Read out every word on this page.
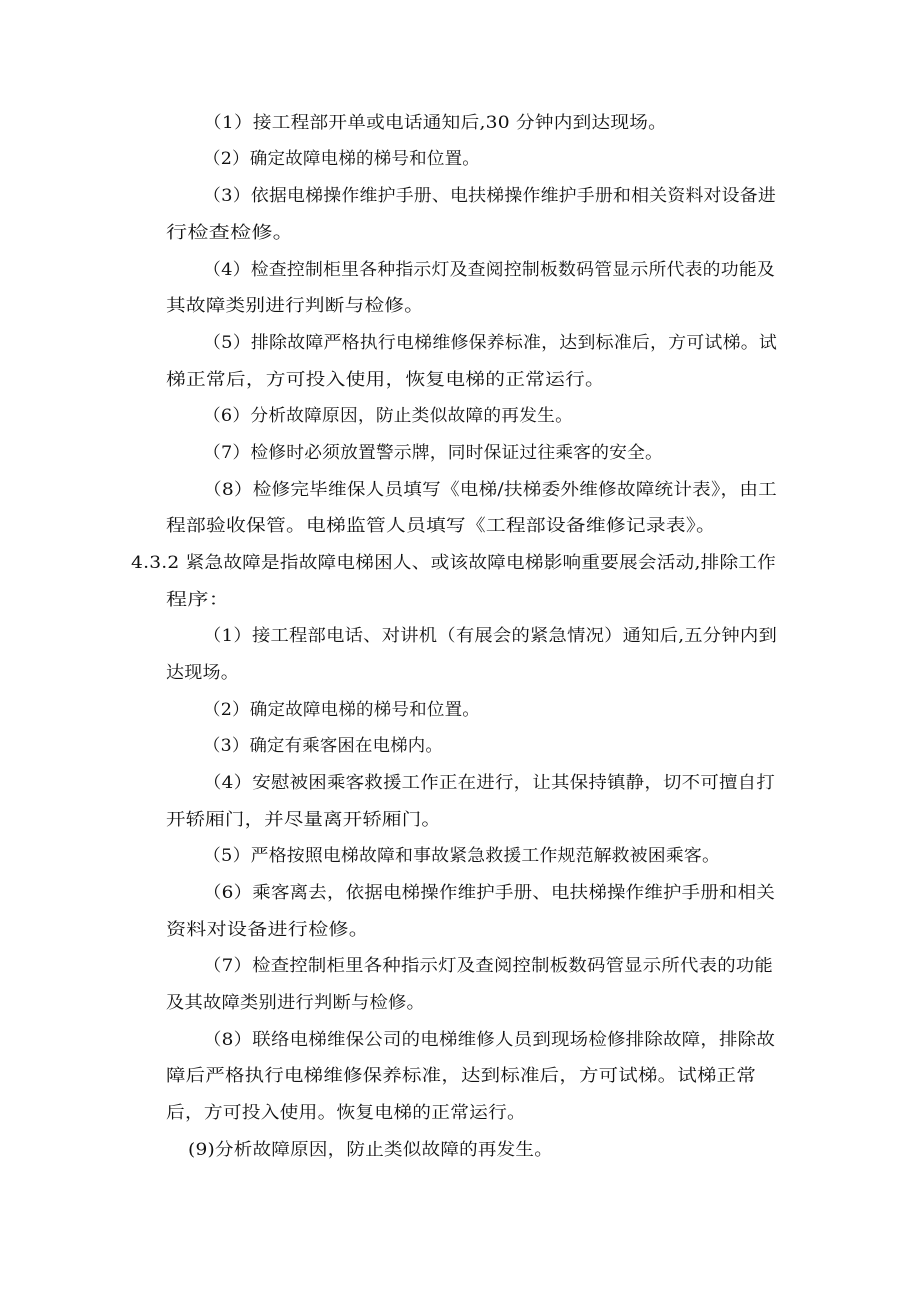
（1）接工程部开单或电话通知后,30 分钟内到达现场。
（2）确定故障电梯的梯号和位置。
（3）依据电梯操作维护手册、电扶梯操作维护手册和相关资料对设备进
行检查检修。
（4）检查控制柜里各种指示灯及查阅控制板数码管显示所代表的功能及
其故障类别进行判断与检修。
（5）排除故障严格执行电梯维修保养标准，达到标准后，方可试梯。试
梯正常后，方可投入使用，恢复电梯的正常运行。
（6）分析故障原因，防止类似故障的再发生。
（7）检修时必须放置警示牌，同时保证过往乘客的安全。
（8）检修完毕维保人员填写《电梯/扶梯委外维修故障统计表》，由工
程部验收保管。电梯监管人员填写《工程部设备维修记录表》。
4.3.2 紧急故障是指故障电梯困人、或该故障电梯影响重要展会活动,排除工作
程序：
（1）接工程部电话、对讲机（有展会的紧急情况）通知后,五分钟内到
达现场。
（2）确定故障电梯的梯号和位置。
（3）确定有乘客困在电梯内。
（4）安慰被困乘客救援工作正在进行，让其保持镇静，切不可擅自打
开轿厢门，并尽量离开轿厢门。
（5）严格按照电梯故障和事故紧急救援工作规范解救被困乘客。
（6）乘客离去，依据电梯操作维护手册、电扶梯操作维护手册和相关
资料对设备进行检修。
（7）检查控制柜里各种指示灯及查阅控制板数码管显示所代表的功能
及其故障类别进行判断与检修。
（8）联络电梯维保公司的电梯维修人员到现场检修排除故障，排除故
障后严格执行电梯维修保养标准，达到标准后，方可试梯。试梯正常
后，方可投入使用。恢复电梯的正常运行。
(9)分析故障原因，防止类似故障的再发生。
